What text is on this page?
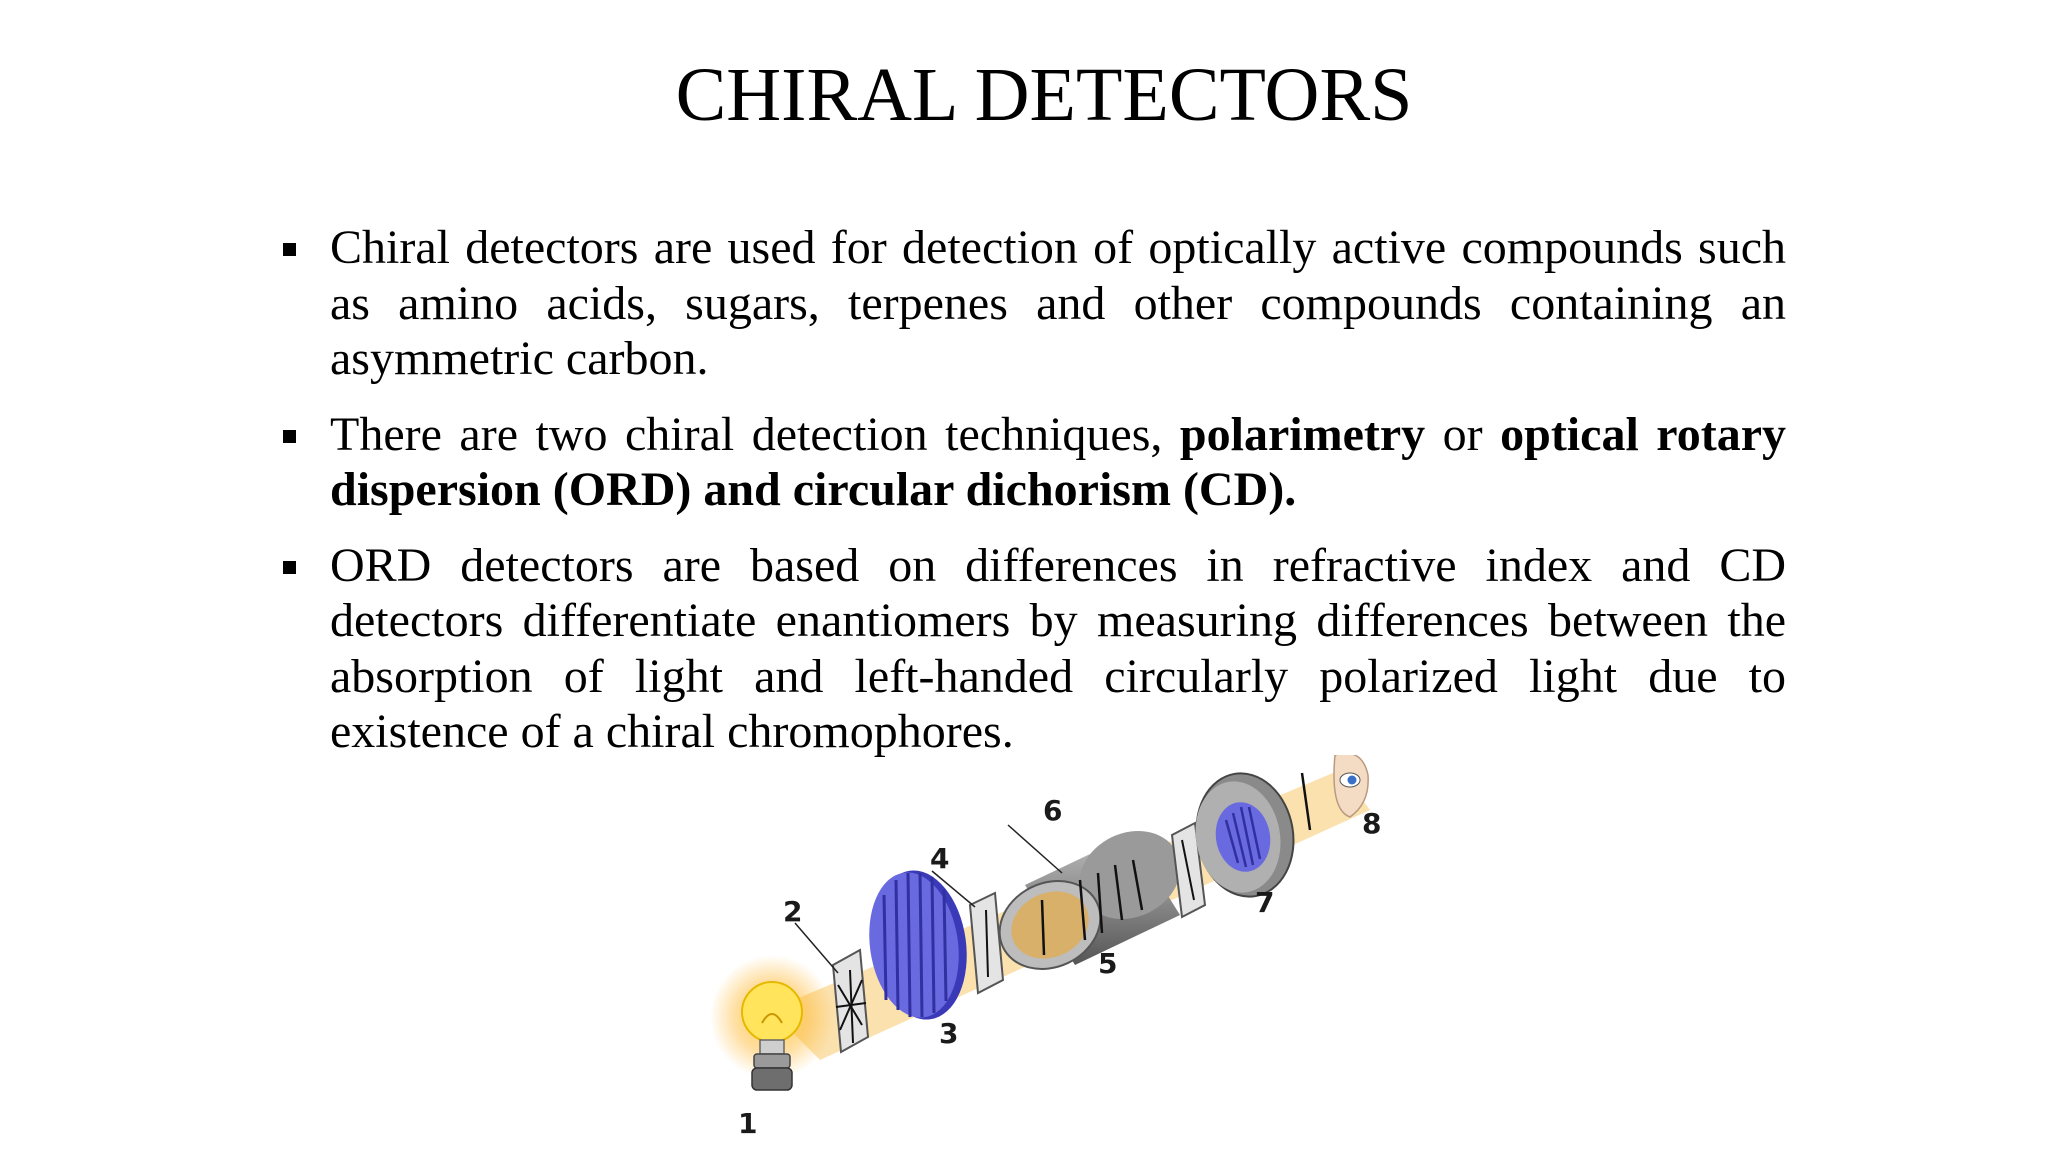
CHIRAL DETECTORS
Chiral detectors are used for detection of optically active compounds such as amino acids, sugars, terpenes and other compounds containing an asymmetric carbon.
There are two chiral detection techniques, polarimetry or optical rotary dispersion (ORD) and circular dichorism (CD).
ORD detectors are based on differences in refractive index and CD detectors differentiate enantiomers by measuring differences between the absorption of light and left-handed circularly polarized light due to existence of a chiral chromophores.
1
2
3
4
5
6
7
8
